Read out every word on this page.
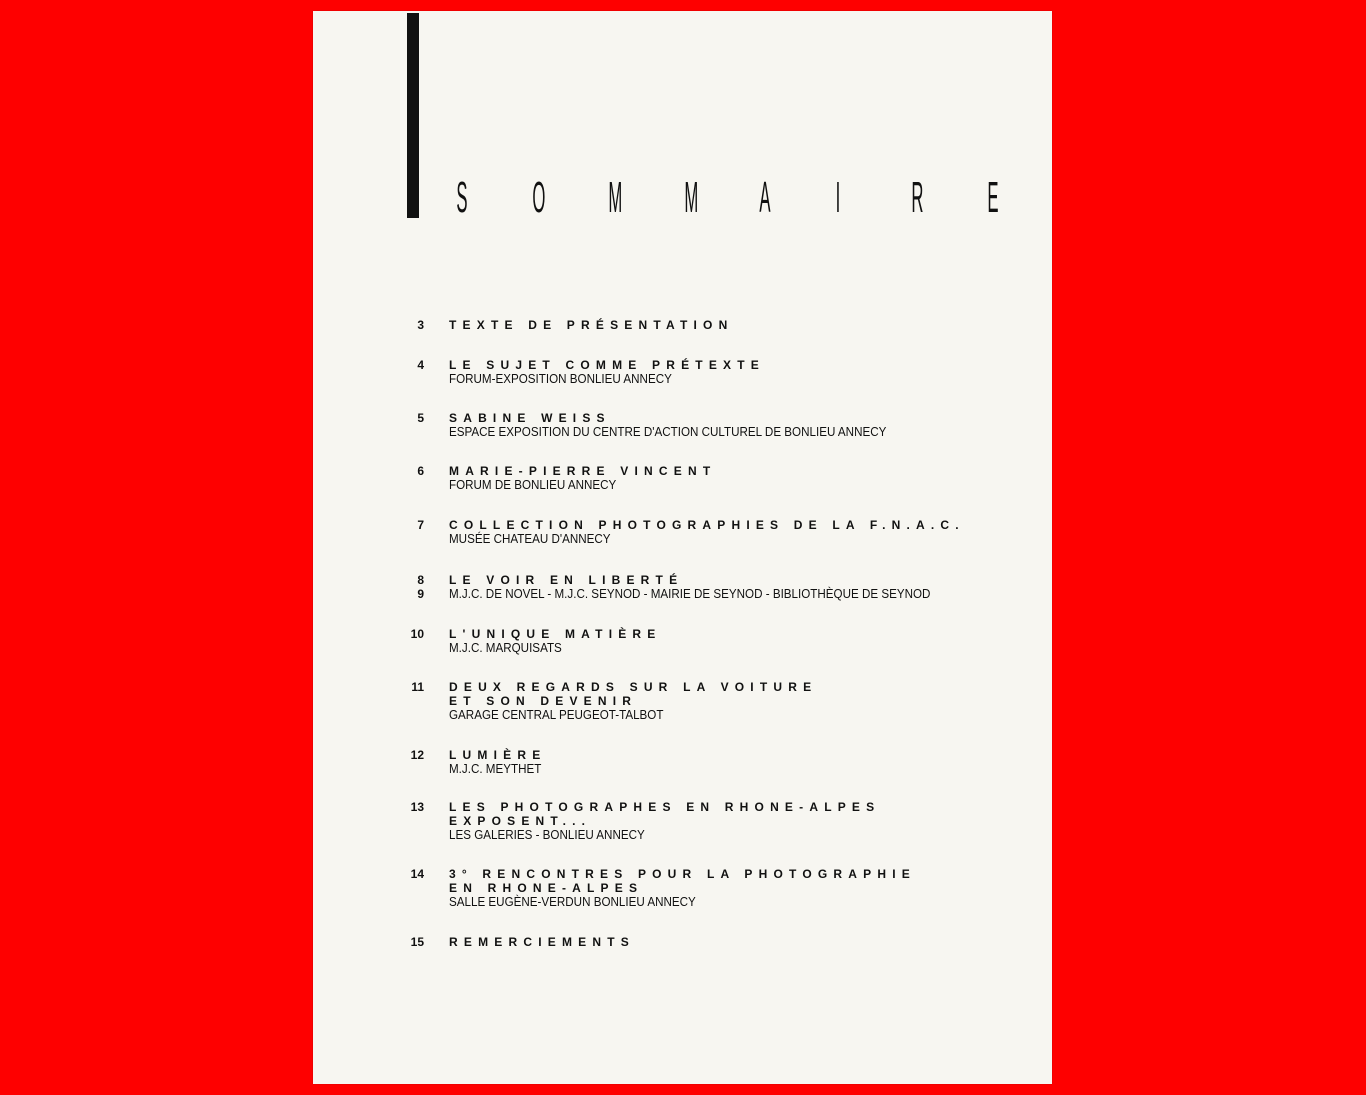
S O M M A I R E
3 TEXTE DE PRÉSENTATION
4 LE SUJET COMME PRÉTEXTE
FORUM-EXPOSITION BONLIEU ANNECY
5 SABINE WEISS
ESPACE EXPOSITION DU CENTRE D'ACTION CULTUREL DE BONLIEU ANNECY
6 MARIE-PIERRE VINCENT
FORUM DE BONLIEU ANNECY
7 COLLECTION PHOTOGRAPHIES DE LA F.N.A.C.
MUSÉE CHATEAU D'ANNECY
8
9
LE VOIR EN LIBERTÉ
M.J.C. DE NOVEL - M.J.C. SEYNOD - MAIRIE DE SEYNOD - BIBLIOTHÈQUE DE SEYNOD
10 L'UNIQUE MATIÈRE
M.J.C. MARQUISATS
11 DEUX REGARDS SUR LA VOITURE
ET SON DEVENIR
GARAGE CENTRAL PEUGEOT-TALBOT
12 LUMIÈRE
M.J.C. MEYTHET
13 LES PHOTOGRAPHES EN RHONE-ALPES
EXPOSENT...
LES GALERIES - BONLIEU ANNECY
14 3° RENCONTRES POUR LA PHOTOGRAPHIE
EN RHONE-ALPES
SALLE EUGÈNE-VERDUN BONLIEU ANNECY
15 REMERCIEMENTS
